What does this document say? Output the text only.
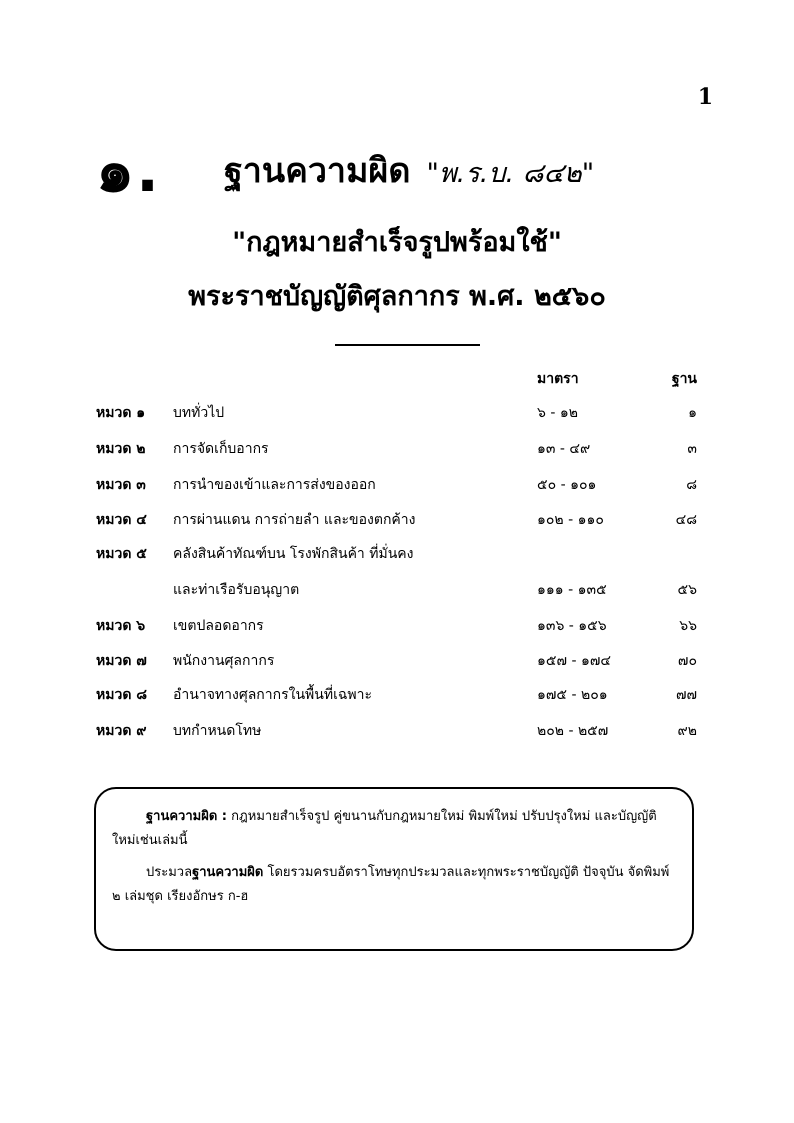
1
๑. ฐานความผิด "พ.ร.บ. ๘๔๒"
"กฎหมายสำเร็จรูปพร้อมใช้"
พระราชบัญญัติศุลกากร พ.ศ. ๒๕๖๐
มาตรา	ฐาน
หมวด ๑ บททั่วไป	๖ - ๑๒	๑
หมวด ๒ การจัดเก็บอากร	๑๓ - ๔๙	๓
หมวด ๓ การนำของเข้าและการส่งของออก	๕๐ - ๑๐๑	๘
หมวด ๔ การผ่านแดน การถ่ายลำ และของตกค้าง	๑๐๒ - ๑๑๐	๔๘
หมวด ๕ คลังสินค้าทัณฑ์บน โรงพักสินค้า ที่มั่นคง
และท่าเรือรับอนุญาต	๑๑๑ - ๑๓๕	๕๖
หมวด ๖ เขตปลอดอากร	๑๓๖ - ๑๕๖	๖๖
หมวด ๗ พนักงานศุลกากร	๑๕๗ - ๑๗๔	๗๐
หมวด ๘ อำนาจทางศุลกากรในพื้นที่เฉพาะ	๑๗๕ - ๒๐๑	๗๗
หมวด ๙ บทกำหนดโทษ	๒๐๒ - ๒๕๗	๙๒

ฐานความผิด : กฎหมายสำเร็จรูป คู่ขนานกับกฎหมายใหม่ พิมพ์ใหม่ ปรับปรุงใหม่ และบัญญัติใหม่เช่นเล่มนี้

ประมวลฐานความผิด โดยรวมครบอัตราโทษทุกประมวลและทุกพระราชบัญญัติ ปัจจุบัน จัดพิมพ์ ๒ เล่มชุด เรียงอักษร ก-ฮ
